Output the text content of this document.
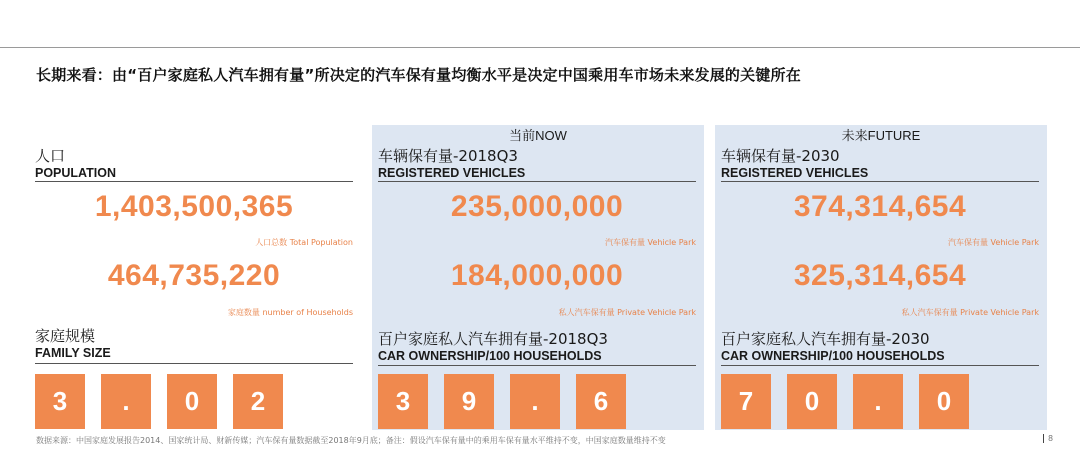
长期来看：由“百户家庭私人汽车拥有量”所决定的汽车保有量均衡水平是决定中国乘用车市场未来发展的关键所在
当前NOW	未来FUTURE
人口
POPULATION
1,403,500,365
人口总数 Total Population
464,735,220
家庭数量 number of Households
家庭规模
FAMILY SIZE
3	.	0	2
车辆保有量-2018Q3
REGISTERED VEHICLES
235,000,000
汽车保有量 Vehicle Park
184,000,000
私人汽车保有量 Private Vehicle Park
百户家庭私人汽车拥有量-2018Q3
CAR OWNERSHIP/100 HOUSEHOLDS
3	9	.	6
车辆保有量-2030
REGISTERED VEHICLES
374,314,654
汽车保有量 Vehicle Park
325,314,654
私人汽车保有量 Private Vehicle Park
百户家庭私人汽车拥有量-2030
CAR OWNERSHIP/100 HOUSEHOLDS
7	0	.	0
数据来源：中国家庭发展报告2014、国家统计局、财新传媒；汽车保有量数据截至2018年9月底；备注：假设汽车保有量中的乘用车保有量水平维持不变，中国家庭数量维持不变	8
